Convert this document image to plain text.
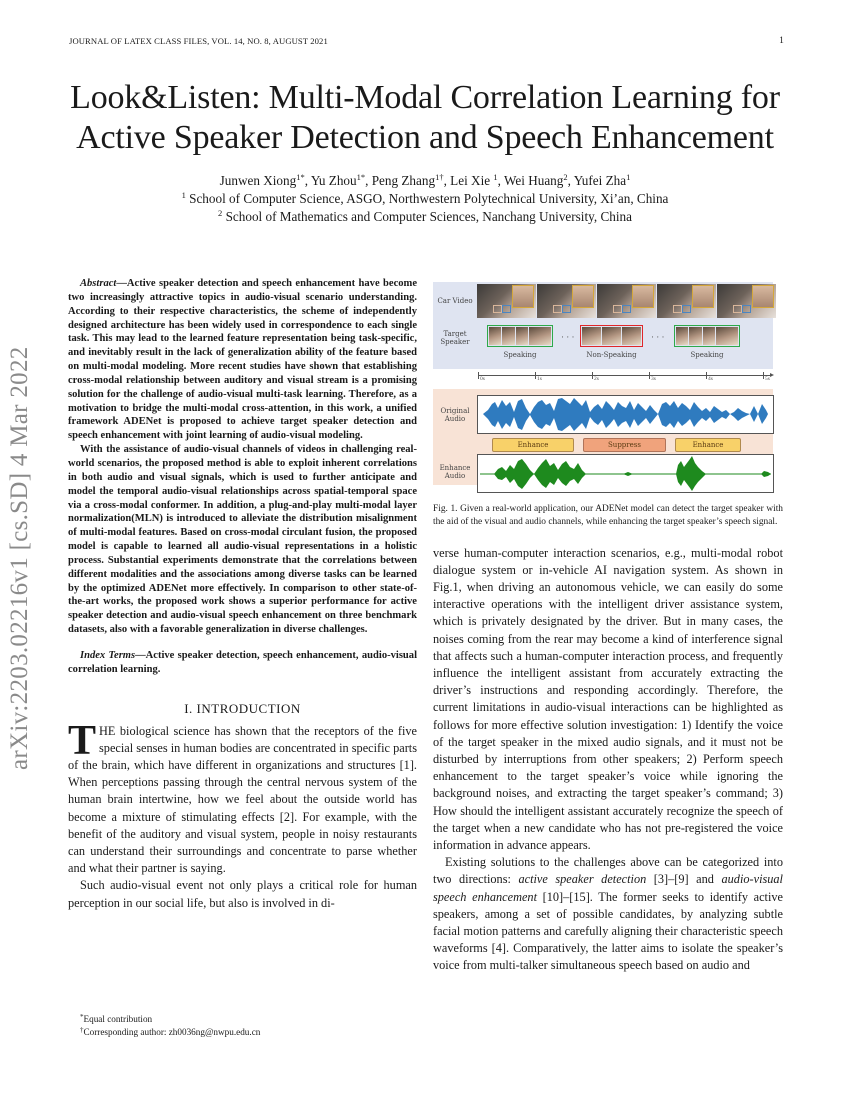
JOURNAL OF LATEX CLASS FILES, VOL. 14, NO. 8, AUGUST 2021	1
Look&Listen: Multi-Modal Correlation Learning for
Active Speaker Detection and Speech Enhancement
Junwen Xiong$^{1*}$, Yu Zhou$^{1*}$, Peng Zhang$^{1\dagger}$, Lei Xie $^1$, Wei Huang$^2$, Yufei Zha$^1$
$^1$ School of Computer Science, ASGO, Northwestern Polytechnical University, Xi’an, China
$^2$ School of Mathematics and Computer Sciences, Nanchang University, China
arXiv:2203.02216v1 [cs.SD] 4 Mar 2022

Abstract—Active speaker detection and speech enhancement have become two increasingly attractive topics in audio-visual scenario understanding. According to their respective characteristics, the scheme of independently designed architecture has been widely used in correspondence to each single task. This may lead to the learned feature representation being task-specific, and inevitably result in the lack of generalization ability of the feature based on multi-modal modeling. More recent studies have shown that establishing cross-modal relationship between auditory and visual stream is a promising solution for the challenge of audio-visual multi-task learning. Therefore, as a motivation to bridge the multi-modal cross-attention, in this work, a unified framework ADENet is proposed to achieve target speaker detection and speech enhancement with joint learning of audio-visual modeling.

With the assistance of audio-visual channels of videos in challenging real-world scenarios, the proposed method is able to exploit inherent correlations in both audio and visual signals, which is used to further anticipate and model the temporal audio-visual relationships across spatial-temporal space via a cross-modal conformer. In addition, a plug-and-play multi-modal layer normalization(MLN) is introduced to alleviate the distribution misalignment of multi-modal features. Based on cross-modal circulant fusion, the proposed model is capable to learned all audio-visual representations in a holistic process. Substantial experiments demonstrate that the correlations between different modalities and the associations among diverse tasks can be learned by the optimized ADENet more effectively. In comparison to other state-of-the-art works, the proposed work shows a superior performance for active speaker detection and audio-visual speech enhancement on three benchmark datasets, also with a favorable generalization in diverse challenges.

Index Terms—Active speaker detection, speech enhancement, audio-visual correlation learning.
I. INTRODUCTION

THE biological science has shown that the receptors of the five special senses in human bodies are concentrated in specific parts of the brain, which have different in organizations and structures [1]. When perceptions passing through the central nervous system of the human brain intertwine, how we feel about the outside world has become a mixture of stimulating effects [2]. For example, with the benefit of the auditory and visual system, people in noisy restaurants can understand their surroundings and concentrate to parse whether and what their partner is saying.

Such audio-visual event not only plays a critical role for human perception in our social life, but also is involved in di-

*Equal contribution
†Corresponding author: zh0036ng@nwpu.edu.cn
Car Video
Target
Speaker	· · ·	· · ·
Speaking	Non-Speaking	Speaking
0s	1s	2s	3s	4s	5s
Original
Audio
Enhance	Suppress	Enhance
Enhance
Audio
Fig. 1. Given a real-world application, our ADENet model can detect the target speaker with the aid of the visual and audio channels, while enhancing the target speaker’s speech signal.

verse human-computer interaction scenarios, e.g., multi-modal robot dialogue system or in-vehicle AI navigation system. As shown in Fig.1, when driving an autonomous vehicle, we can easily do some interactive operations with the intelligent driver assistance system, which is privately designated by the driver. But in many cases, the noises coming from the rear may become a kind of interference signal that affects such a human-computer interaction process, and frequently influence the intelligent assistant from accurately extracting the driver’s instructions and responding accordingly. Therefore, the current limitations in audio-visual interactions can be highlighted as follows for more effective solution investigation: 1) Identify the voice of the target speaker in the mixed audio signals, and it must not be disturbed by interruptions from other speakers; 2) Perform speech enhancement to the target speaker’s voice while ignoring the background noises, and extracting the target speaker’s command; 3) How should the intelligent assistant accurately recognize the speech of the target when a new candidate who has not pre-registered the voice information in advance appears.

Existing solutions to the challenges above can be categorized into two directions: active speaker detection [3]–[9] and audio-visual speech enhancement [10]–[15]. The former seeks to identify active speakers, among a set of possible candidates, by analyzing subtle facial motion patterns and carefully aligning their characteristic speech waveforms [4]. Comparatively, the latter aims to isolate the speaker’s voice from multi-talker simultaneous speech based on audio and
